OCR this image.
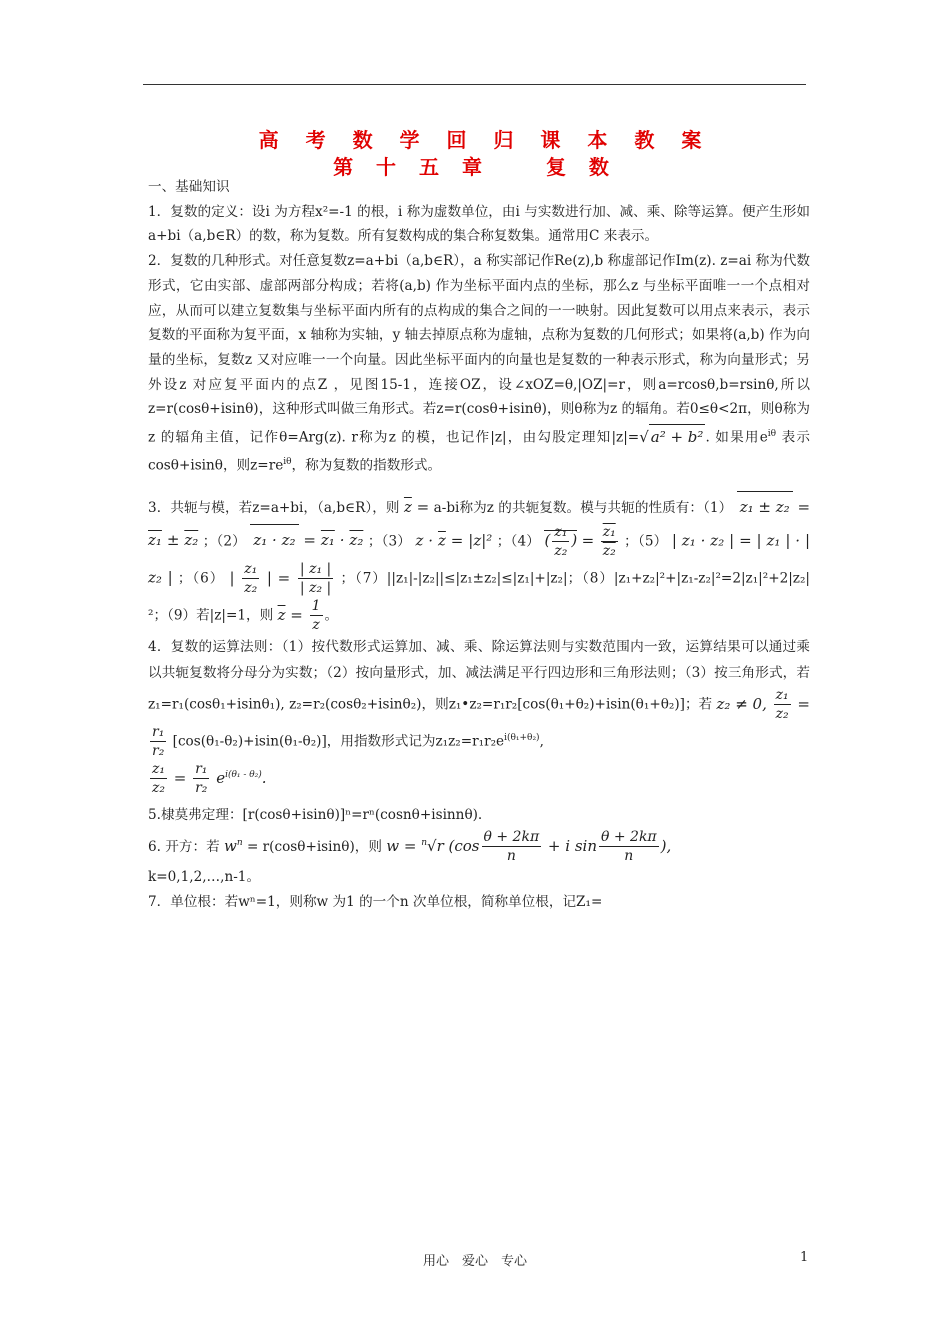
高 考 数 学 回 归 课 本 教 案
第 十 五 章　　复 数

一、基础知识

1．复数的定义：设i 为方程x²=-1 的根，i 称为虚数单位，由i 与实数进行加、减、乘、除等运算。便产生形如a+bi（a,b∈R）的数，称为复数。所有复数构成的集合称复数集。通常用C 来表示。

2．复数的几种形式。对任意复数z=a+bi（a,b∈R），a 称实部记作Re(z),b 称虚部记作Im(z). z=ai 称为代数形式，它由实部、虚部两部分构成；若将(a,b) 作为坐标平面内点的坐标，那么z 与坐标平面唯一一个点相对应，从而可以建立复数集与坐标平面内所有的点构成的集合之间的一一映射。因此复数可以用点来表示，表示复数的平面称为复平面，x 轴称为实轴，y 轴去掉原点称为虚轴，点称为复数的几何形式；如果将(a,b) 作为向量的坐标，复数z 又对应唯一一个向量。因此坐标平面内的向量也是复数的一种表示形式，称为向量形式；另外设z 对应复平面内的点Z ，见图15-1，连接OZ，设∠xOZ=θ,|OZ|=r，则a=rcosθ,b=rsinθ,所以z=r(cosθ+isinθ)，这种形式叫做三角形式。若z=r(cosθ+isinθ)，则θ称为z 的辐角。若0≤θ<2π，则θ称为z 的辐角主值，记作θ=Arg(z). r称为z 的模，也记作|z|，由勾股定理知|z|=√ a² + b² . 如果用$e^{i\theta}$ 表示cosθ+isinθ，则$z=re^{i\theta}$，称为复数的指数形式。

3．共轭与模，若z=a+bi，（a,b∈R），则 $\overline{z} = a-bi$称为z 的共轭复数。模与共轭的性质有：（1） z₁ ± z₂ = z₁ ± z₂ ；（2） z₁ · z₂ = z₁ · z₂ ；（3） $z \cdot \overline{z} = |z|^2$ ；（4） ( $\frac{\text{z₁}}{\text{z₂}}$ ) = $\frac{\text{z₁}}{\text{z₂}}$ ；（5） | z₁ · z₂ | = | z₁ | · | z₂ | ；（6） | $\frac{\text{z₁}}{\text{z₂}}$ | = $\frac{\text{| z₁ |}}{\text{| z₂ |}}$ ；（7）||z₁|-|z₂||≤|z₁±z₂|≤|z₁|+|z₂|；（8）|z₁+z₂|²+|z₁-z₂|²=2|z₁|²+2|z₂|²；（9）若|z|=1，则 $\overline{z} = \frac{1}{z}$ 。

4．复数的运算法则：（1）按代数形式运算加、减、乘、除运算法则与实数范围内一致，运算结果可以通过乘以共轭复数将分母分为实数；（2）按向量形式，加、减法满足平行四边形和三角形法则；（3）按三角形式，若z₁=r₁(cosθ₁+isinθ₁), z₂=r₂(cosθ₂+isinθ₂)，则z₁•z₂=r₁r₂[cos(θ₁+θ₂)+isin(θ₁+θ₂)]；若 z₂ ≠ 0, $\frac{\text{z₁}}{\text{z₂}}$ =
$\frac{\text{r₁}}{\text{r₂}} [\cos(\theta_1-\theta_2)+isin(\theta_1-\theta_2)]$，用指数形式记为$z_1z_2=r_1r_2e^{i(\theta_1+\theta_2)}$,

$\frac{\text{z₁}}{\text{z₂}} = \frac{\text{r₁}}{\text{r₂}} e^{i(\theta_1 - \theta_2)}$.

5.棣莫弗定理：[r(cosθ+isinθ)]ⁿ=rⁿ(cosnθ+isinnθ).

6. 开方：若 $w^n = r(\cos\theta+isin\theta)$，则 w = $^n$√r ($\cos \frac{\theta + 2k\pi}{n} + i$ $\sin \frac{\theta + 2k\pi}{n}$ ),

k=0,1,2,…,n-1。

7．单位根：若wⁿ=1，则称w 为1 的一个n 次单位根，简称单位根，记Z₁=

用心　爱心　专心	1
